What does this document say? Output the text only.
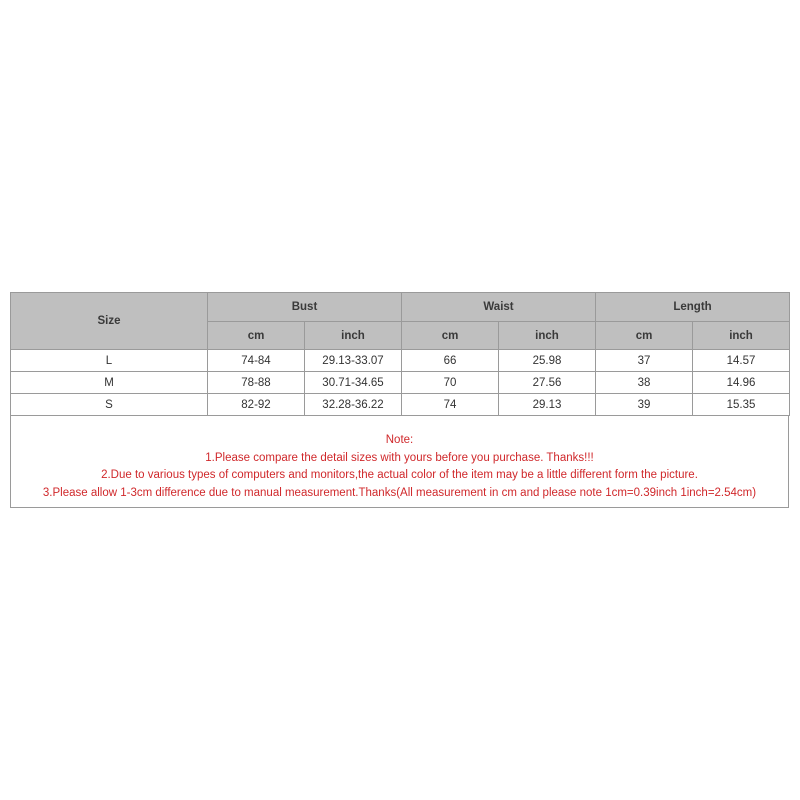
Size	Bust		Waist		Length	
	cm	inch	cm	inch	cm	inch
L	74-84	29.13-33.07	66	25.98	37	14.57
M	78-88	30.71-34.65	70	27.56	38	14.96
S	82-92	32.28-36.22	74	29.13	39	15.35

Note:

1.Please compare the detail sizes with yours before you purchase. Thanks!!!

2.Due to various types of computers and monitors,the actual color of the item may be a little different form the picture.

3.Please allow 1-3cm difference due to manual measurement.Thanks(All measurement in cm and please note 1cm=0.39inch 1inch=2.54cm)
